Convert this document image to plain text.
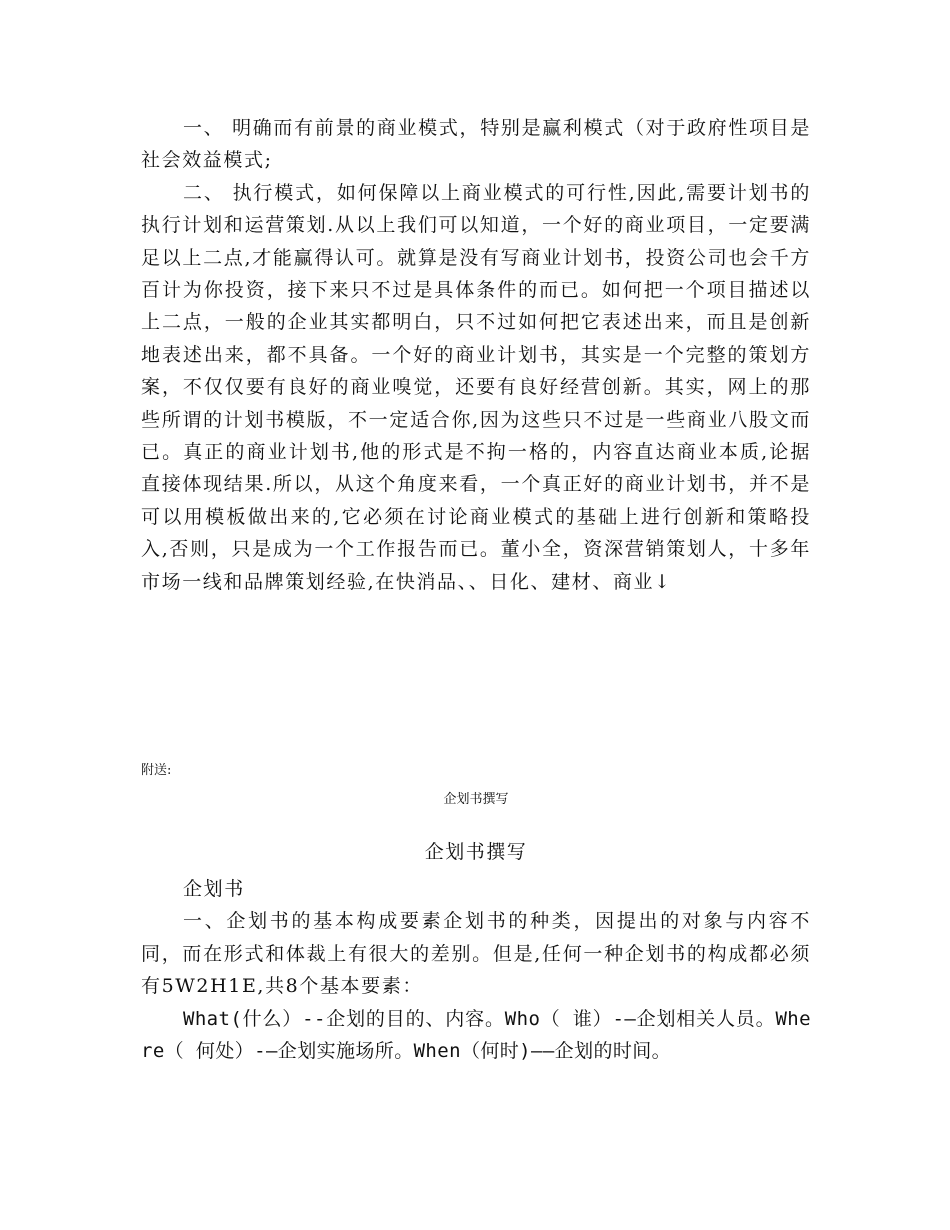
一、 明确而有前景的商业模式，特别是赢利模式（对于政府性项目是社会效益模式;

二、 执行模式，如何保障以上商业模式的可行性,因此,需要计划书的执行计划和运营策划.从以上我们可以知道，一个好的商业项目，一定要满足以上二点,才能赢得认可。就算是没有写商业计划书，投资公司也会千方百计为你投资，接下来只不过是具体条件的而已。如何把一个项目描述以上二点，一般的企业其实都明白，只不过如何把它表述出来，而且是创新地表述出来，都不具备。一个好的商业计划书，其实是一个完整的策划方案，不仅仅要有良好的商业嗅觉，还要有良好经营创新。其实，网上的那些所谓的计划书模版，不一定适合你,因为这些只不过是一些商业八股文而已。真正的商业计划书,他的形式是不拘一格的，内容直达商业本质,论据直接体现结果.所以，从这个角度来看，一个真正好的商业计划书，并不是可以用模板做出来的,它必须在讨论商业模式的基础上进行创新和策略投入,否则，只是成为一个工作报告而已。董小全，资深营销策划人，十多年市场一线和品牌策划经验,在快消品、、日化、建材、商业↓

附送:

企划书撰写

企划书撰写

企划书

一、企划书的基本构成要素企划书的种类，因提出的对象与内容不同，而在形式和体裁上有很大的差别。但是,任何一种企划书的构成都必须有5W2H1E,共8个基本要素：

What(什么）--企划的目的、内容。Who（ 谁）-—企划相关人员。Where（ 何处）-—企划实施场所。When（何时)——企划的时间。
